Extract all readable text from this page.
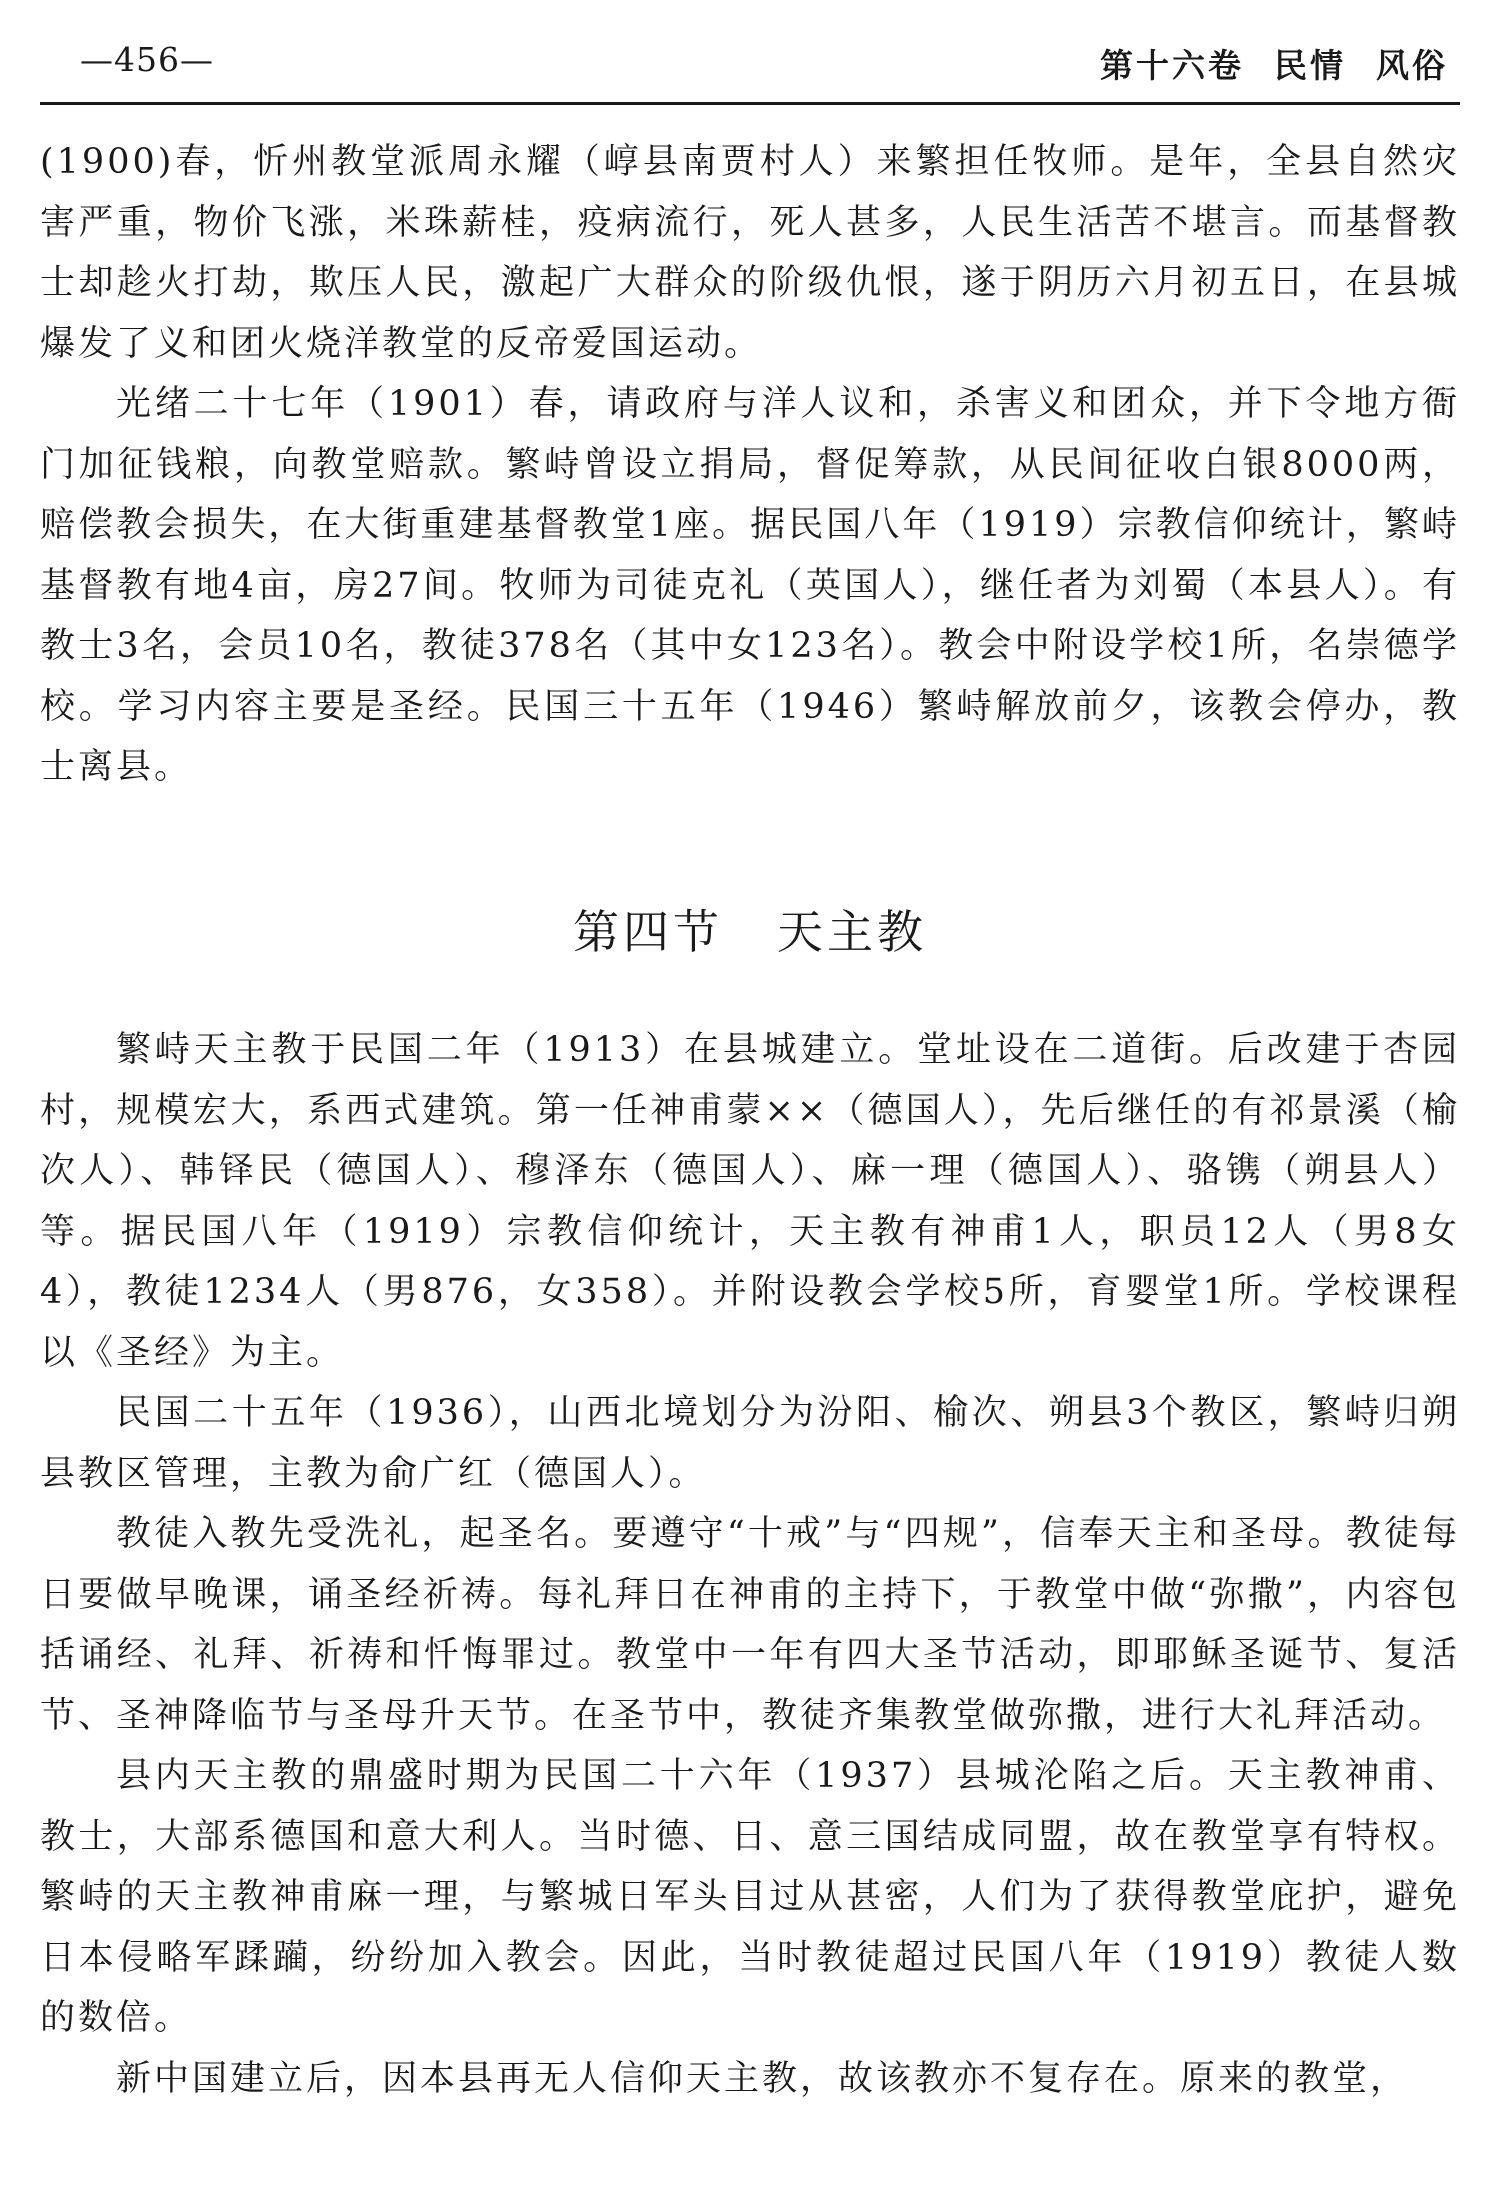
—456—	第十六卷 民情 风俗

(1900)春，忻州教堂派周永耀（崞县南贾村人）来繁担任牧师。是年，全县自然灾害严重，物价飞涨，米珠薪桂，疫病流行，死人甚多，人民生活苦不堪言。而基督教士却趁火打劫，欺压人民，激起广大群众的阶级仇恨，遂于阴历六月初五日，在县城爆发了义和团火烧洋教堂的反帝爱国运动。

光绪二十七年（1901）春，请政府与洋人议和，杀害义和团众，并下令地方衙门加征钱粮，向教堂赔款。繁峙曾设立捐局，督促筹款，从民间征收白银8000两，赔偿教会损失，在大街重建基督教堂1座。据民国八年（1919）宗教信仰统计，繁峙基督教有地4亩，房27间。牧师为司徒克礼（英国人），继任者为刘蜀（本县人）。有教士3名，会员10名，教徒378名（其中女123名）。教会中附设学校1所，名崇德学校。学习内容主要是圣经。民国三十五年（1946）繁峙解放前夕，该教会停办，教士离县。

第四节 天主教

繁峙天主教于民国二年（1913）在县城建立。堂址设在二道街。后改建于杏园村，规模宏大，系西式建筑。第一任神甫蒙××（德国人），先后继任的有祁景溪（榆次人）、韩铎民（德国人）、穆泽东（德国人）、麻一理（德国人）、骆镌（朔县人）等。据民国八年（1919）宗教信仰统计，天主教有神甫1人，职员12人（男8女4），教徒1234人（男876，女358）。并附设教会学校5所，育婴堂1所。学校课程以《圣经》为主。

民国二十五年（1936），山西北境划分为汾阳、榆次、朔县3个教区，繁峙归朔县教区管理，主教为俞广红（德国人）。

教徒入教先受洗礼，起圣名。要遵守“十戒”与“四规”，信奉天主和圣母。教徒每日要做早晚课，诵圣经祈祷。每礼拜日在神甫的主持下，于教堂中做“弥撒”，内容包括诵经、礼拜、祈祷和忏悔罪过。教堂中一年有四大圣节活动，即耶稣圣诞节、复活节、圣神降临节与圣母升天节。在圣节中，教徒齐集教堂做弥撒，进行大礼拜活动。

县内天主教的鼎盛时期为民国二十六年（1937）县城沦陷之后。天主教神甫、教士，大部系德国和意大利人。当时德、日、意三国结成同盟，故在教堂享有特权。繁峙的天主教神甫麻一理，与繁城日军头目过从甚密，人们为了获得教堂庇护，避免日本侵略军蹂躏，纷纷加入教会。因此，当时教徒超过民国八年（1919）教徒人数的数倍。

新中国建立后，因本县再无人信仰天主教，故该教亦不复存在。原来的教堂，
